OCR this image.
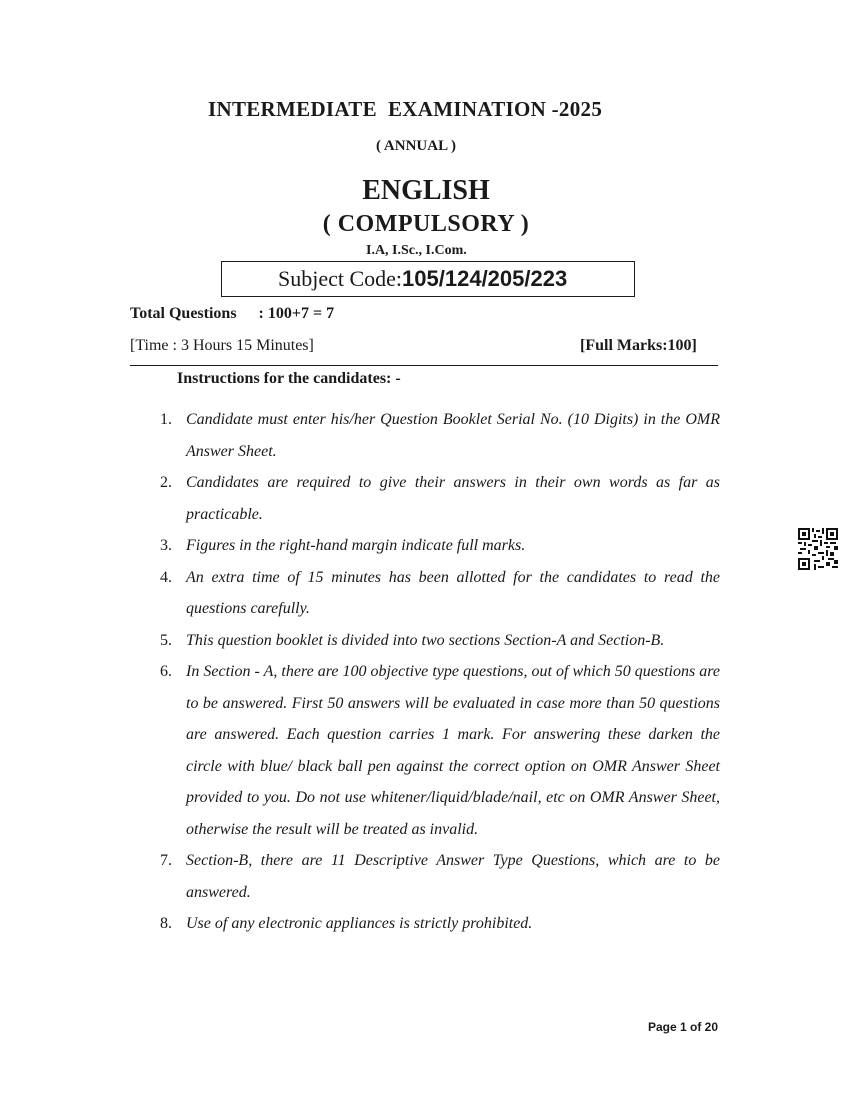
INTERMEDIATE  EXAMINATION -2025
( ANNUAL )
ENGLISH
( COMPULSORY )
I.A, I.Sc., I.Com.
Subject Code: 105/124/205/223
Total Questions : 100+7 = 7
[Time : 3 Hours 15 Minutes]	[Full Marks:100]
Instructions for the candidates: -
1. Candidate must enter his/her Question Booklet Serial No. (10 Digits) in the OMR Answer Sheet.
2. Candidates are required to give their answers in their own words as far as practicable.
3. Figures in the right-hand margin indicate full marks.
4. An extra time of 15 minutes has been allotted for the candidates to read the questions carefully.
5. This question booklet is divided into two sections Section-A and Section-B.
6. In Section - A, there are 100 objective type questions, out of which 50 questions are to be answered. First 50 answers will be evaluated in case more than 50 questions are answered. Each question carries 1 mark. For answering these darken the circle with blue/ black ball pen against the correct option on OMR Answer Sheet provided to you. Do not use whitener/liquid/blade/nail, etc on OMR Answer Sheet, otherwise the result will be treated as invalid.
7. Section-B, there are 11 Descriptive Answer Type Questions, which are to be answered.
8. Use of any electronic appliances is strictly prohibited.
Page 1 of 20
